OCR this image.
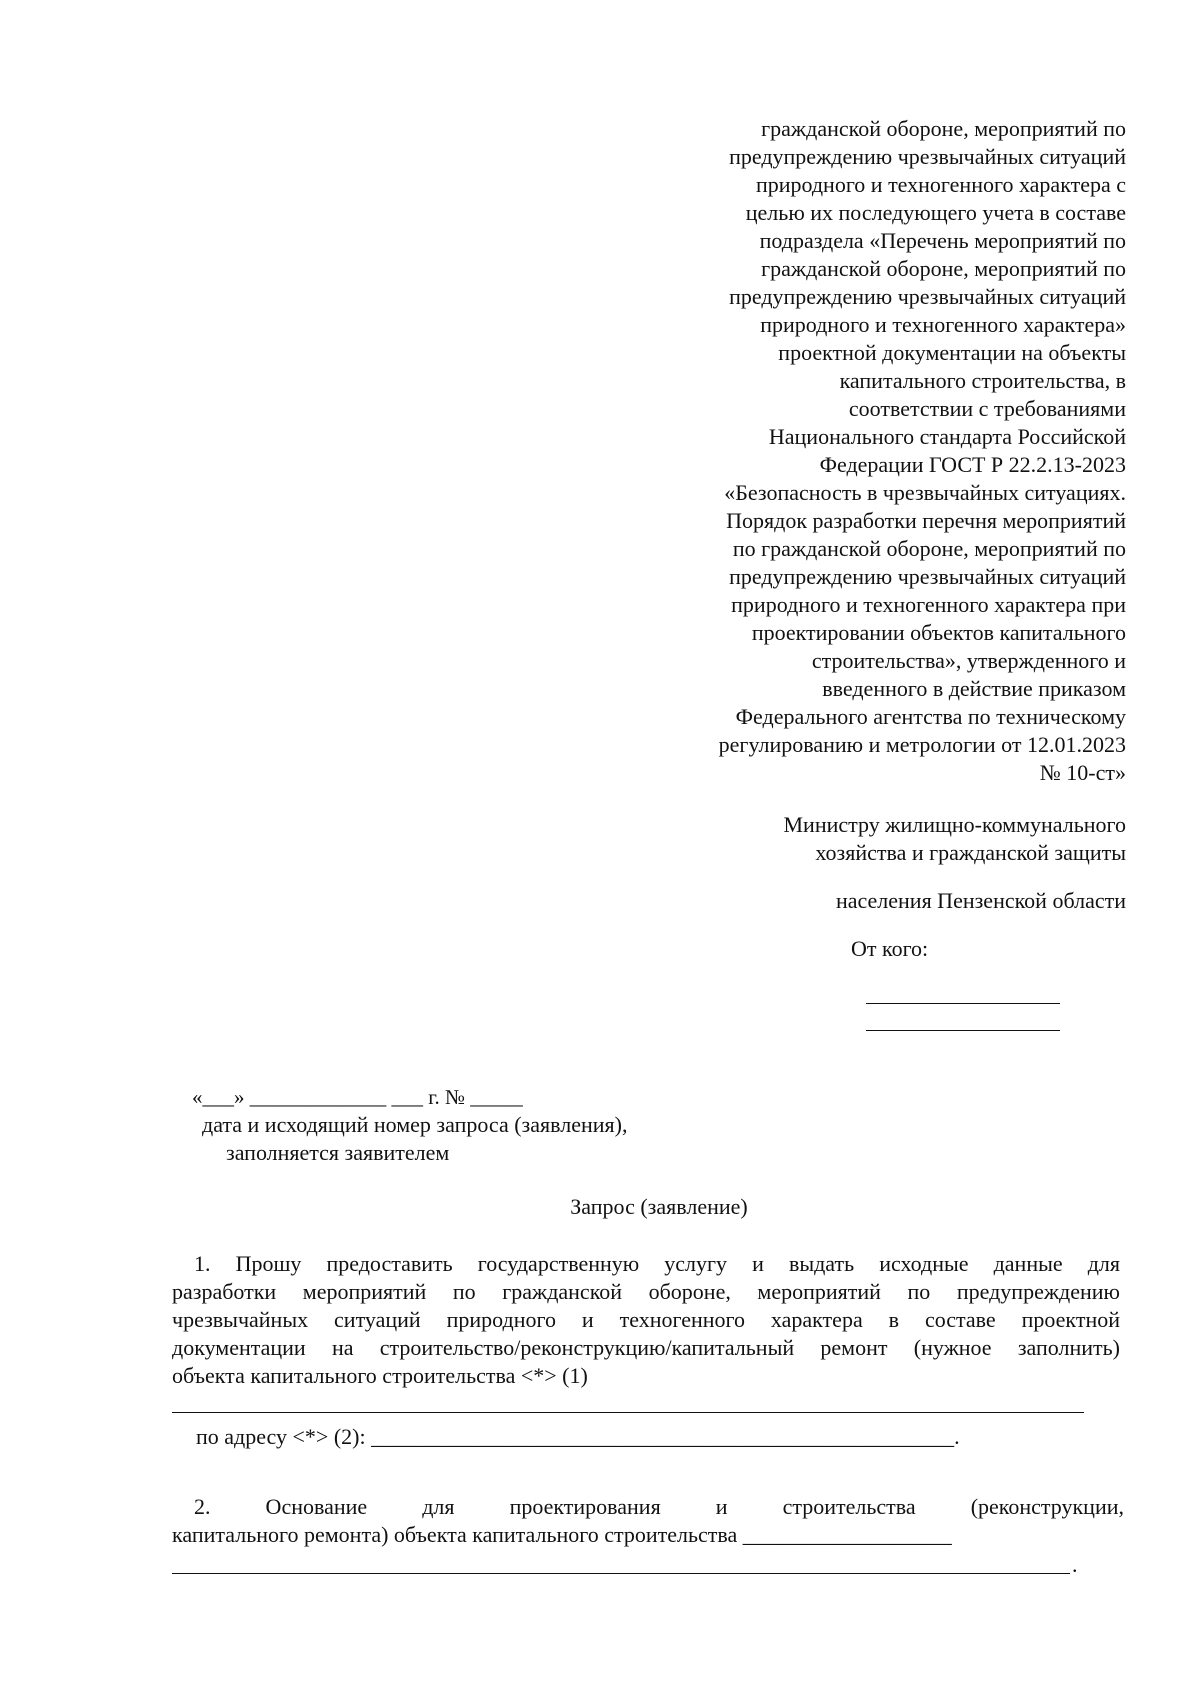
гражданской обороне, мероприятий по
предупреждению чрезвычайных ситуаций
природного и техногенного характера с
целью их последующего учета в составе
подраздела «Перечень мероприятий по
гражданской обороне, мероприятий по
предупреждению чрезвычайных ситуаций
природного и техногенного характера»
проектной документации на объекты
капитального строительства, в
соответствии с требованиями
Национального стандарта Российской
Федерации ГОСТ Р 22.2.13-2023
«Безопасность в чрезвычайных ситуациях.
Порядок разработки перечня мероприятий
по гражданской обороне, мероприятий по
предупреждению чрезвычайных ситуаций
природного и техногенного характера при
проектировании объектов капитального
строительства», утвержденного и
введенного в действие приказом
Федерального агентства по техническому
регулированию и метрологии от 12.01.2023
№ 10-ст»
Министру жилищно-коммунального
хозяйства и гражданской защиты
населения Пензенской области
От кого:
«___» _____________ ___ г. № _____
дата и исходящий номер запроса (заявления),
заполняется заявителем
Запрос (заявление)
1. Прошу предоставить государственную услугу и выдать исходные данные для
разработки мероприятий по гражданской обороне, мероприятий по предупреждению
чрезвычайных ситуаций природного и техногенного характера в составе проектной
документации на строительство/реконструкцию/капитальный ремонт (нужное заполнить)
объекта капитального строительства <*> (1)
по адресу <*> (2): _____________________________________________________.
2. Основание для проектирования и строительства (реконструкции,
капитального ремонта) объекта капитального строительства ___________________
.
